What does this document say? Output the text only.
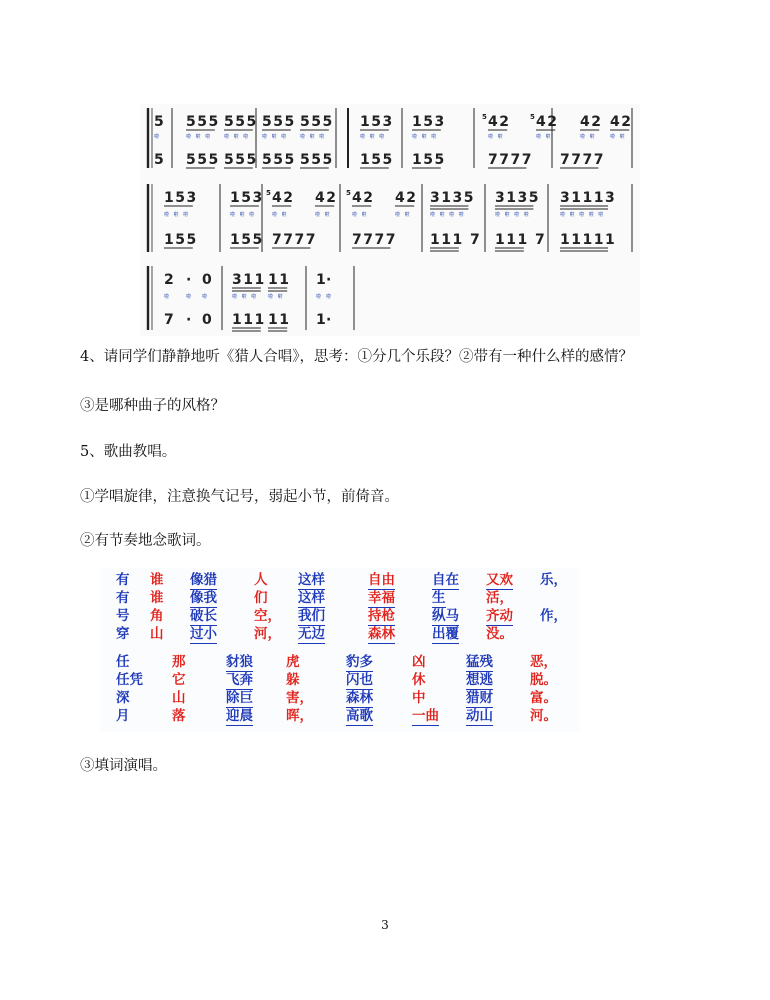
5
啦
555
啦 啦 啦
555
啦 啦 啦
555
啦 啦 啦
555
啦 啦 啦
153
啦 啦 啦
153
啦 啦 啦
42
啦 啦
42
啦 啦
42
啦 啦
42
啦 啦
5	5
5 555 555 555 555 155 155	7777 7777
153
啦 啦 啦
153
啦 啦 啦
42
啦 啦
42
啦 啦
42
啦 啦
42
啦 啦
3135
啦 啦 啦 啦
3135
啦 啦 啦 啦
31113
啦 啦 啦 啦 啦
5	5
155 155 7777	7777 111 7 111 7 11111
2
啦
·
啦
0
啦
311
啦 啦 啦
11
啦 啦
1
啦
·
啦
7 · 0 111 11 1
·
4、请同学们静静地听《猎人合唱》，思考：①分几个乐段？②带有一种什么样的感情？
③是哪种曲子的风格？
5、歌曲教唱。
①学唱旋律，注意换气记号，弱起小节，前倚音。
②有节奏地念歌词。
有 谁 像猎	人 这样	自由	自在 又欢 乐，
有 谁 像我	们 这样	幸福	生	活，
号 角 破长	空， 我们	持枪	纵马 齐动 作，
穿 山 过小	河， 无边	森林	出覆 没。
任	那	豺狼 虎	豹多	凶	猛残	恶，
任凭 它	飞奔 躲	闪也	休	想逃	脱。
深	山	除巨 害， 森林	中	猎财	富。
月	落	迎晨 晖， 高歌	一曲 动山	河。
③填词演唱。
3
